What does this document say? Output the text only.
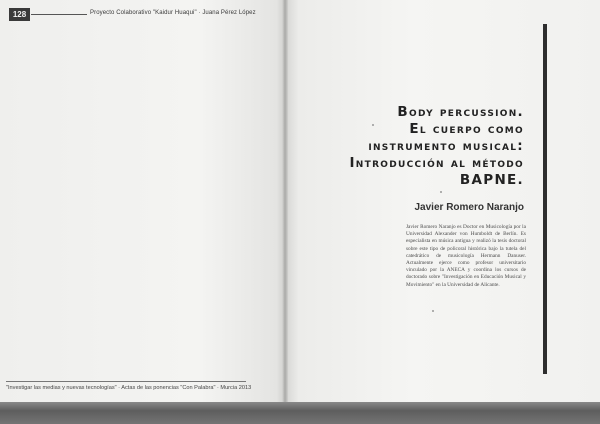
128	Proyecto Colaborativo "Kaidur Huaqui" · Juana Pérez López
"Investigar las medias y nuevas tecnologías" · Actas de las ponencias "Con Palabra" · Murcia 2013
Body percussion.
El cuerpo como
instrumento musical:
Introducción al método
BAPNE.
Javier Romero Naranjo
Javier Romero Naranjo es Doctor en Musicología por la Universidad Alexander von Humboldt de Berlín. Es especialista en música antigua y realizó la tesis doctoral sobre este tipo de policoral histórica bajo la tutela del catedrático de musicología Hermann Danuser. Actualmente ejerce como profesor universitario vinculado por la ANECA y coordina los cursos de doctorado sobre "Investigación en Educación Musical y Movimiento" en la Universidad de Alicante.
